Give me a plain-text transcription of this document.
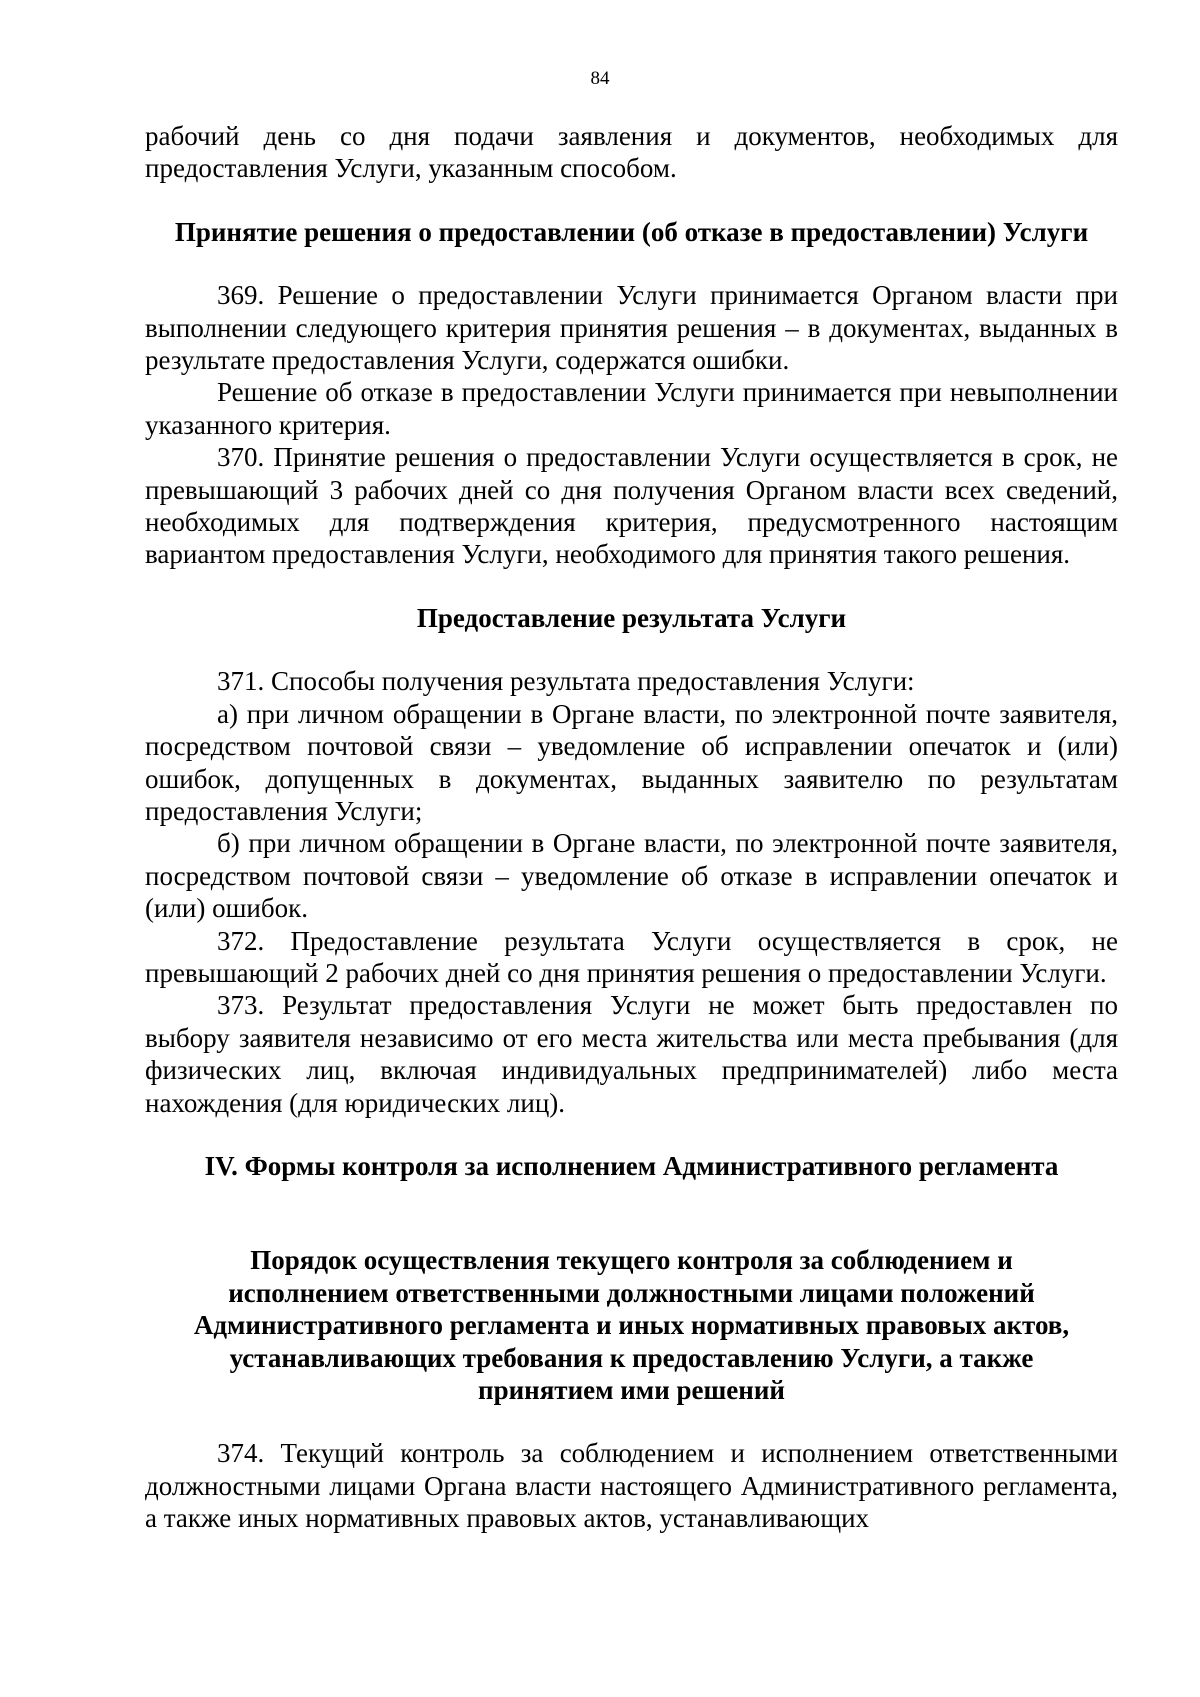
84

рабочий день со дня подачи заявления и документов, необходимых для предоставления Услуги, указанным способом.

Принятие решения о предоставлении (об отказе в предоставлении) Услуги

369. Решение о предоставлении Услуги принимается Органом власти при выполнении следующего критерия принятия решения – в документах, выданных в результате предоставления Услуги, содержатся ошибки.

Решение об отказе в предоставлении Услуги принимается при невыполнении указанного критерия.

370. Принятие решения о предоставлении Услуги осуществляется в срок, не превышающий 3 рабочих дней со дня получения Органом власти всех сведений, необходимых для подтверждения критерия, предусмотренного настоящим вариантом предоставления Услуги, необходимого для принятия такого решения.

Предоставление результата Услуги

371. Способы получения результата предоставления Услуги:

а) при личном обращении в Органе власти, по электронной почте заявителя, посредством почтовой связи – уведомление об исправлении опечаток и (или) ошибок, допущенных в документах, выданных заявителю по результатам предоставления Услуги;

б) при личном обращении в Органе власти, по электронной почте заявителя, посредством почтовой связи – уведомление об отказе в исправлении опечаток и (или) ошибок.

372. Предоставление результата Услуги осуществляется в срок, не превышающий 2 рабочих дней со дня принятия решения о предоставлении Услуги.

373. Результат предоставления Услуги не может быть предоставлен по выбору заявителя независимо от его места жительства или места пребывания (для физических лиц, включая индивидуальных предпринимателей) либо места нахождения (для юридических лиц).

IV. Формы контроля за исполнением Административного регламента
Порядок осуществления текущего контроля за соблюдением и
исполнением ответственными должностными лицами положений
Административного регламента и иных нормативных правовых актов,
устанавливающих требования к предоставлению Услуги, а также
принятием ими решений

374. Текущий контроль за соблюдением и исполнением ответственными должностными лицами Органа власти настоящего Административного регламента, а также иных нормативных правовых актов, устанавливающих
